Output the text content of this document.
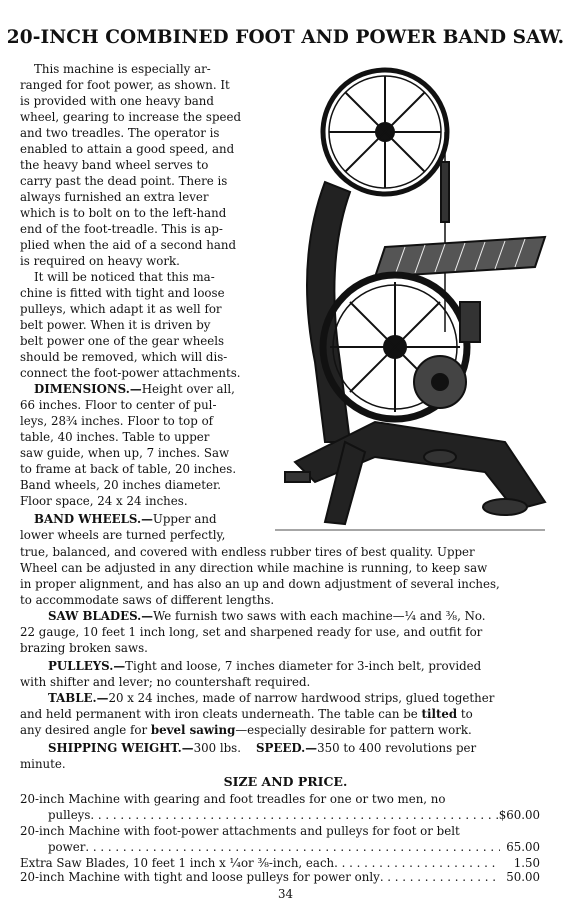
20-INCH COMBINED FOOT AND POWER BAND SAW.
This machine is especially ar-
ranged for foot power, as shown. It
is provided with one heavy band
wheel, gearing to increase the speed
and two treadles. The operator is
enabled to attain a good speed, and
the heavy band wheel serves to
carry past the dead point. There is
always furnished an extra lever
which is to bolt on to the left-hand
end of the foot-treadle. This is ap-
plied when the aid of a second hand
is required on heavy work.
It will be noticed that this ma-
chine is fitted with tight and loose
pulleys, which adapt it as well for
belt power. When it is driven by
belt power one of the gear wheels
should be removed, which will dis-
connect the foot-power attachments.
DIMENSIONS.—Height over all,
66 inches. Floor to center of pul-
leys, 28¾ inches. Floor to top of
table, 40 inches. Table to upper
saw guide, when up, 7 inches. Saw
to frame at back of table, 20 inches.
Band wheels, 20 inches diameter.
Floor space, 24 x 24 inches.
BAND WHEELS.—Upper and
lower wheels are turned perfectly,
true, balanced, and covered with endless rubber tires of best quality. Upper
Wheel can be adjusted in any direction while machine is running, to keep saw
in proper alignment, and has also an up and down adjustment of several inches,
to accommodate saws of different lengths.
SAW BLADES.—We furnish two saws with each machine—¼ and ⅜, No.
22 gauge, 10 feet 1 inch long, set and sharpened ready for use, and outfit for
brazing broken saws.
PULLEYS.—Tight and loose, 7 inches diameter for 3-inch belt, provided
with shifter and lever; no countershaft required.
TABLE.—20 x 24 inches, made of narrow hardwood strips, glued together
and held permanent with iron cleats underneath. The table can be tilted to
any desired angle for bevel sawing—especially desirable for pattern work.
SHIPPING WEIGHT.—300 lbs. SPEED.—350 to 400 revolutions per
minute.
SIZE AND PRICE.
20-inch Machine with gearing and foot treadles for one or two men, no
pulleys . . .	$60.00
20-inch Machine with foot-power attachments and pulleys for foot or belt
power . . .	65.00
Extra Saw Blades, 10 feet 1 inch x ¼or ⅜-inch, each . . .	1.50
20-inch Machine with tight and loose pulleys for power only . . .	50.00
34
